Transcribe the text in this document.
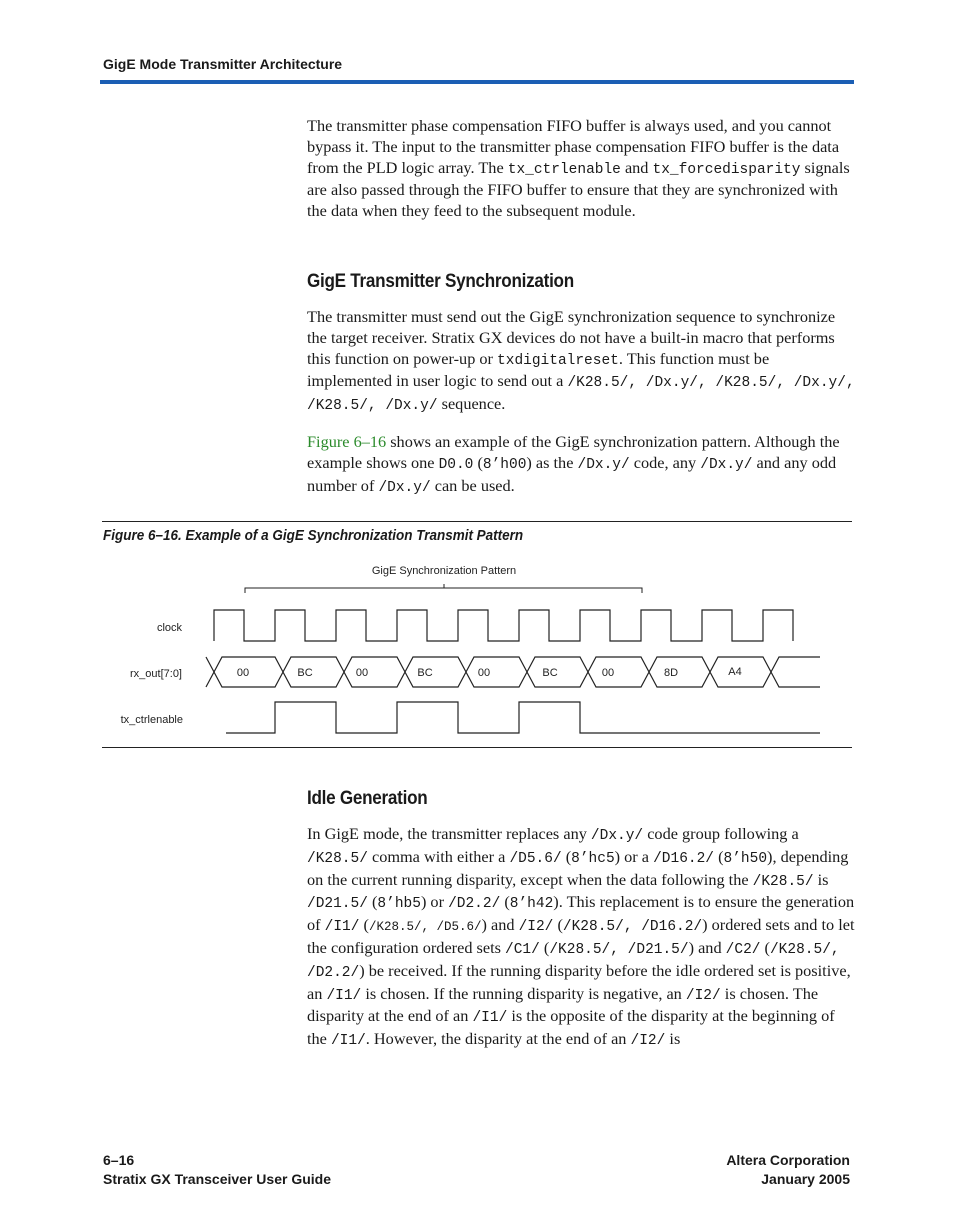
GigE Mode Transmitter Architecture

The transmitter phase compensation FIFO buffer is always used, and you cannot bypass it. The input to the transmitter phase compensation FIFO buffer is the data from the PLD logic array. The tx_ctrlenable and tx_forcedisparity signals are also passed through the FIFO buffer to ensure that they are synchronized with the data when they feed to the subsequent module.

GigE Transmitter Synchronization

The transmitter must send out the GigE synchronization sequence to synchronize the target receiver. Stratix GX devices do not have a built-in macro that performs this function on power-up or txdigitalreset. This function must be implemented in user logic to send out a /K28.5/, /Dx.y/, /K28.5/, /Dx.y/, /K28.5/, /Dx.y/ sequence.

Figure 6–16 shows an example of the GigE synchronization pattern. Although the example shows one D0.0 (8’h00) as the /Dx.y/ code, any /Dx.y/ and any odd number of /Dx.y/ can be used.

Figure 6–16. Example of a GigE Synchronization Transmit Pattern
GigE Synchronization Pattern
clock
rx_out[7:0]
tx_ctrlenable
00	BC	00	BC	00	BC	00	8D	A4
Idle Generation

In GigE mode, the transmitter replaces any /Dx.y/ code group following a /K28.5/ comma with either a /D5.6/ (8’hc5) or a /D16.2/ (8’h50), depending on the current running disparity, except when the data following the /K28.5/ is /D21.5/ (8’hb5) or /D2.2/ (8’h42). This replacement is to ensure the generation of /I1/ (/K28.5/, /D5.6/) and /I2/ (/K28.5/, /D16.2/) ordered sets and to let the configuration ordered sets /C1/ (/K28.5/, /D21.5/) and /C2/ (/K28.5/, /D2.2/) be received. If the running disparity before the idle ordered set is positive, an /I1/ is chosen. If the running disparity is negative, an /I2/ is chosen. The disparity at the end of an /I1/ is the opposite of the disparity at the beginning of the /I1/. However, the disparity at the end of an /I2/ is

6–16
Stratix GX Transceiver User Guide
Altera Corporation
January 2005
